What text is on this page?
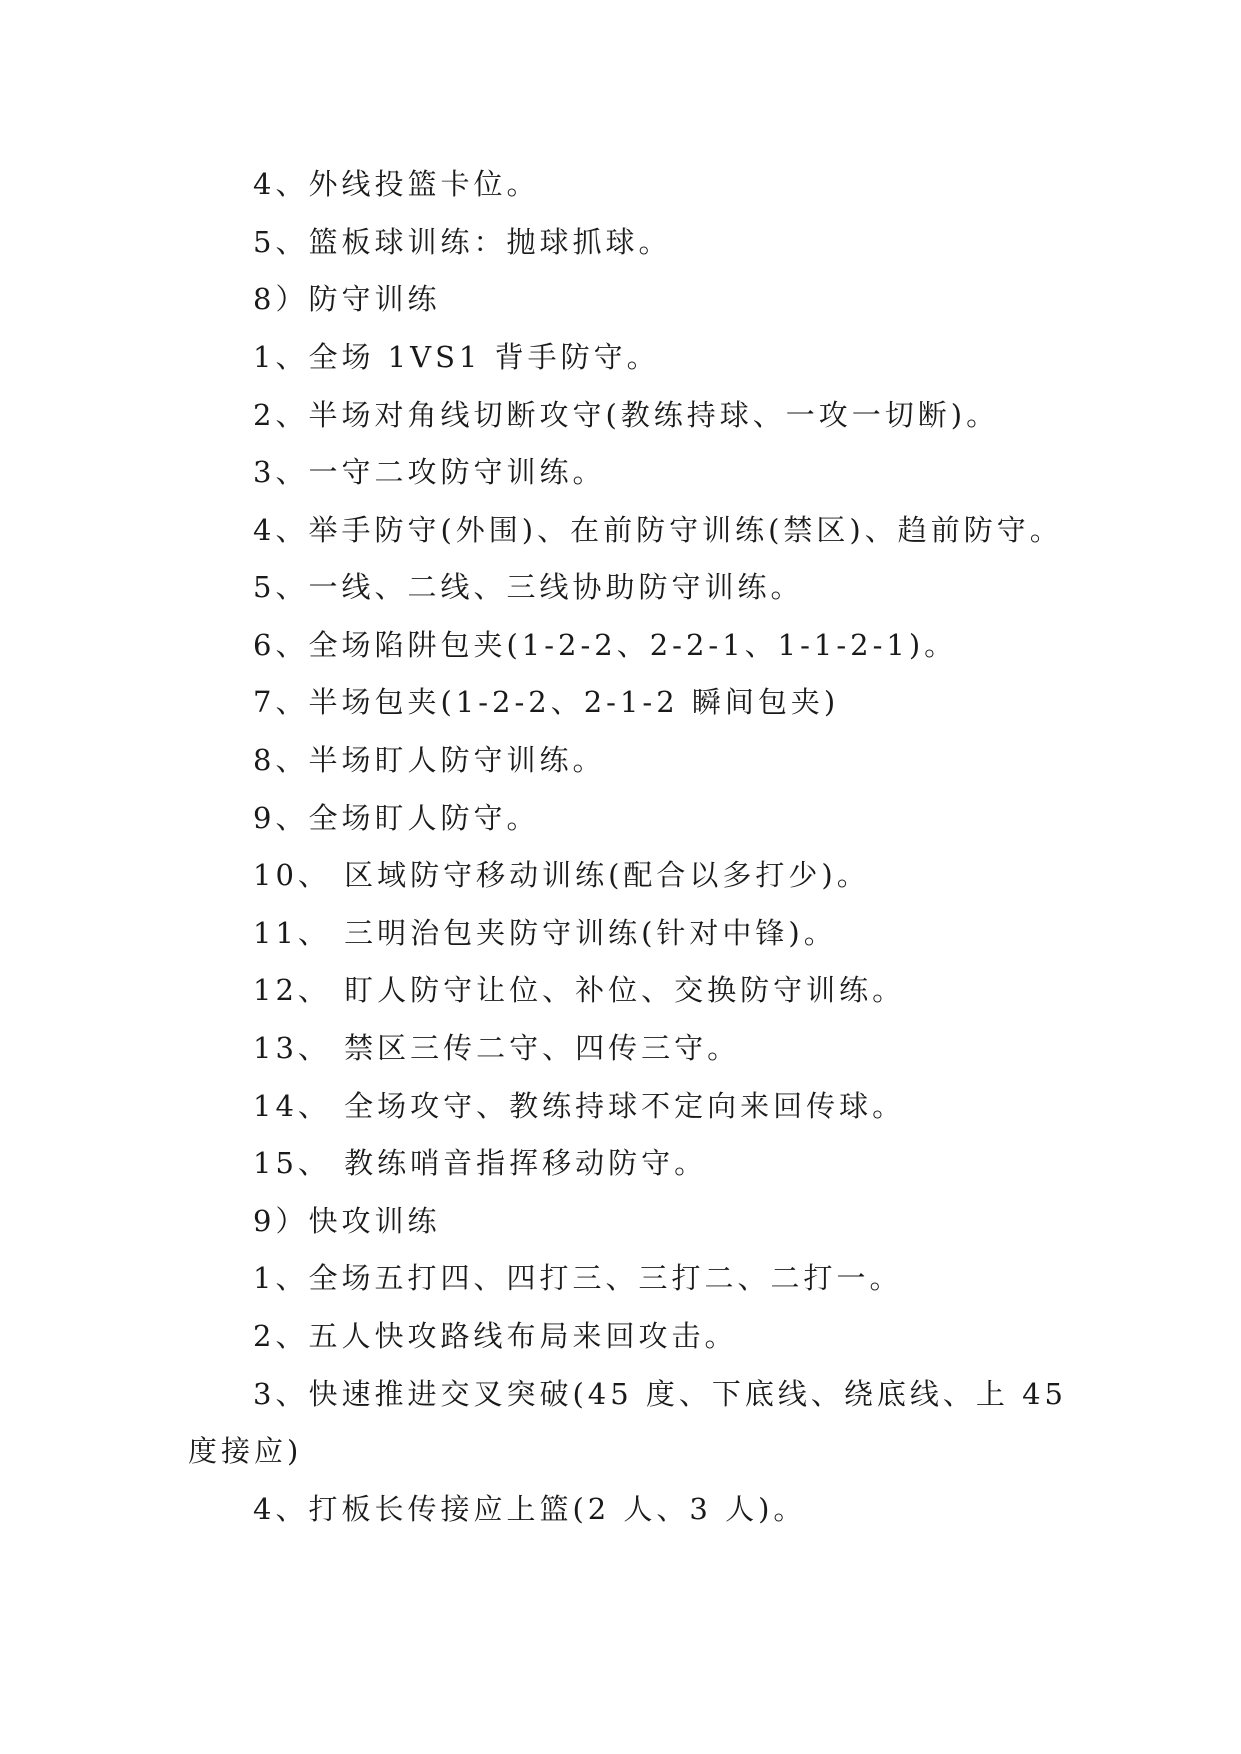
4、外线投篮卡位。
5、篮板球训练：抛球抓球。
8）防守训练
1、全场 1VS1 背手防守。
2、半场对角线切断攻守(教练持球、一攻一切断)。
3、一守二攻防守训练。
4、举手防守(外围)、在前防守训练(禁区)、趋前防守。
5、一线、二线、三线协助防守训练。
6、全场陷阱包夹(1-2-2、2-2-1、1-1-2-1)。
7、半场包夹(1-2-2、2-1-2 瞬间包夹)
8、半场盯人防守训练。
9、全场盯人防守。
10、 区域防守移动训练(配合以多打少)。
11、 三明治包夹防守训练(针对中锋)。
12、 盯人防守让位、补位、交换防守训练。
13、 禁区三传二守、四传三守。
14、 全场攻守、教练持球不定向来回传球。
15、 教练哨音指挥移动防守。
9）快攻训练
1、全场五打四、四打三、三打二、二打一。
2、五人快攻路线布局来回攻击。
3、快速推进交叉突破(45 度、下底线、绕底线、上 45
度接应)
4、打板长传接应上篮(2 人、3 人)。
